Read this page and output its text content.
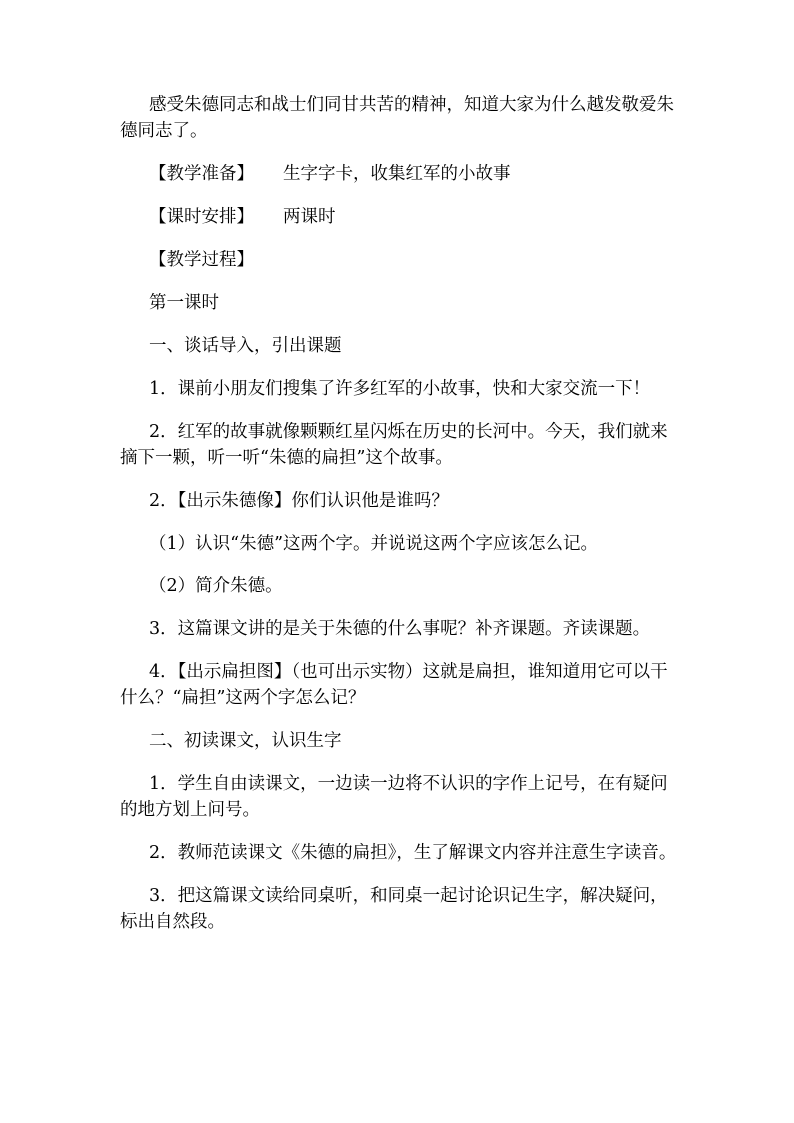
感受朱德同志和战士们同甘共苦的精神，知道大家为什么越发敬爱朱德同志了。

【教学准备】	生字字卡，收集红军的小故事

【课时安排】	两课时

【教学过程】

第一课时

一、谈话导入，引出课题

1．课前小朋友们搜集了许多红军的小故事，快和大家交流一下！

2．红军的故事就像颗颗红星闪烁在历史的长河中。今天，我们就来摘下一颗，听一听“朱德的扁担”这个故事。

2．【出示朱德像】你们认识他是谁吗？

（1）认识“朱德”这两个字。并说说这两个字应该怎么记。

（2）简介朱德。

3．这篇课文讲的是关于朱德的什么事呢？补齐课题。齐读课题。

4．【出示扁担图】（也可出示实物）这就是扁担，谁知道用它可以干什么？“扁担”这两个字怎么记？

二、初读课文，认识生字

1．学生自由读课文，一边读一边将不认识的字作上记号，在有疑问的地方划上问号。

2．教师范读课文《朱德的扁担》，生了解课文内容并注意生字读音。

3．把这篇课文读给同桌听，和同桌一起讨论识记生字，解决疑问，标出自然段。
